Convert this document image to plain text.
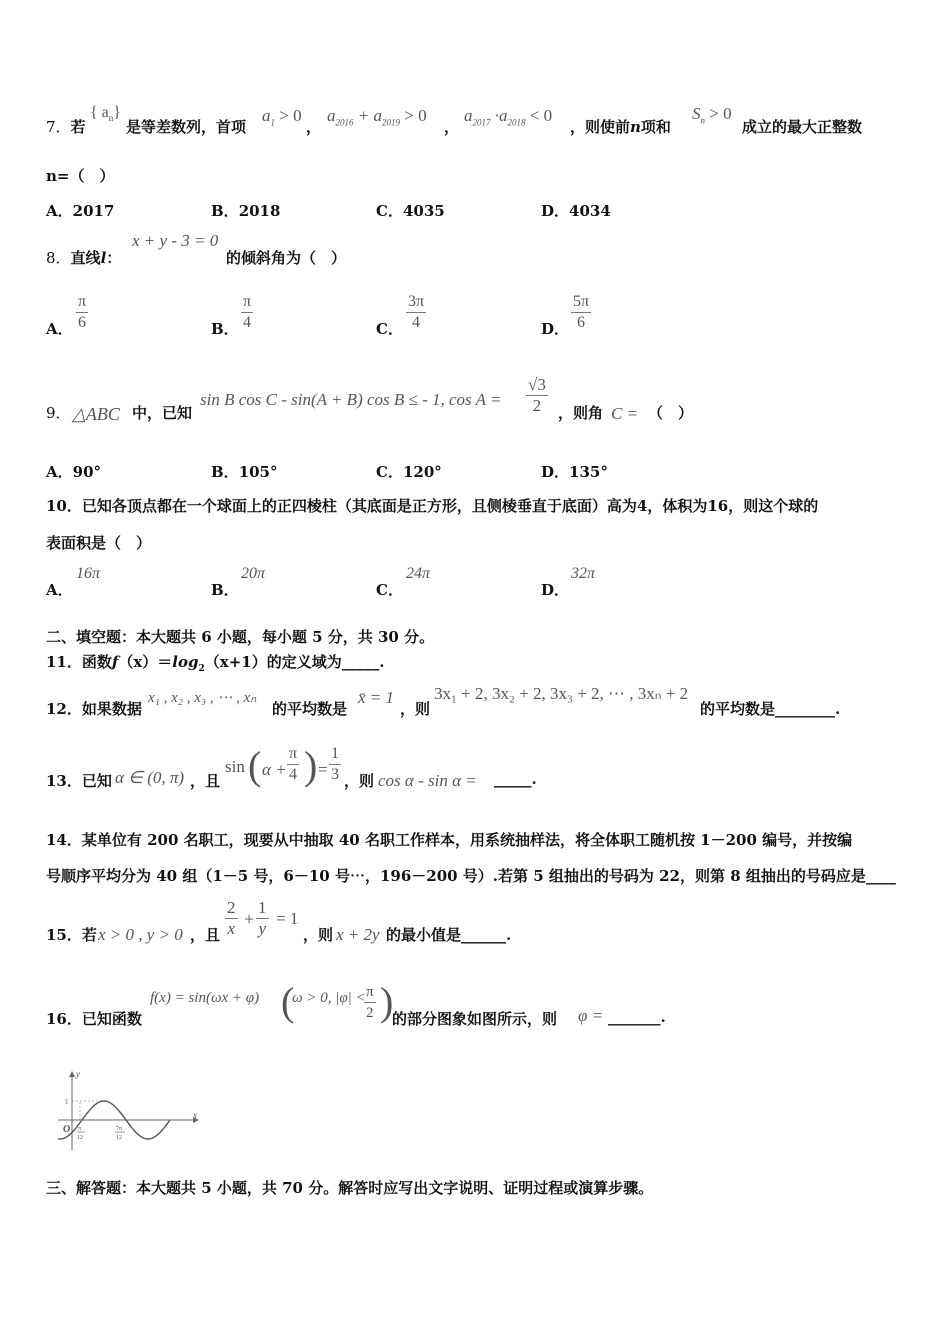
7．若
{ $a_n$}
是等差数列，首项
$a_1 > 0$
，
$a_{2016} + a_{2019} > 0$
，
$a_{2017} \cdot a_{2018} < 0$
，则使前n项和
$S_n > 0$
成立的最大正整数
n=（　）
A．2017	B．2018	C．4035	D．4034
8．直线l：
x + y - 3 = 0
的倾斜角为（　）
A． $\frac{\pi}{6}$	B． $\frac{\pi}{4}$	C． $\frac{3\pi}{4}$	D． $\frac{5\pi}{6}$
9． △ABC 中，已知
sin B cos C - sin(A + B) cos B ≤ - 1, $\cos A = \frac{√3}{2}$ ，则角 C = （　）
A．90°	B．105°	C．120°	D．135°
10．已知各顶点都在一个球面上的正四棱柱（其底面是正方形，且侧棱垂直于底面）高为4，体积为16，则这个球的
表面积是（　）
A．
16π
B．
20π
C．
24π
D．
32π
二、填空题：本大题共 6 小题，每小题 5 分，共 30 分。
11．函数$f(x)=\log_2(x+1)$的定义域为_____.
12．如果数据
x₁ , x₂ , x₃ , ⋯ , xₙ
的平均数是
x̄ = 1
，则
3x₁ + 2, 3x₂ + 2, 3x₃ + 2, ⋯ , 3xₙ + 2
的平均数是________.
13．已知 α ∈ (0, π) ，且
sin ( $\alpha + \frac{\pi}{4}$ ) = $\frac{1}{3}$ ，则 cos α - sin α = _____.
14．某单位有 200 名职工，现要从中抽取 40 名职工作样本，用系统抽样法，将全体职工随机按 1－200 编号，并按编
号顺序平均分为 40 组（1－5 号，6－10 号⋯，196－200 号）.若第 5 组抽出的号码为 22，则第 8 组抽出的号码应是____
15．若 x > 0 , y > 0 ，且 $\frac{2}{x} + \frac{1}{y} = 1$
，则 x + 2y 的最小值是______.
16．已知函数
f(x) = sin(ωx + φ) (
ω > 0, |φ| <
$\frac{\pi}{2}$ )
的部分图象如图所示，则 φ = _______.
y
x
O
1
π
12
7π
12
三、解答题：本大题共 5 小题，共 70 分。解答时应写出文字说明、证明过程或演算步骤。
